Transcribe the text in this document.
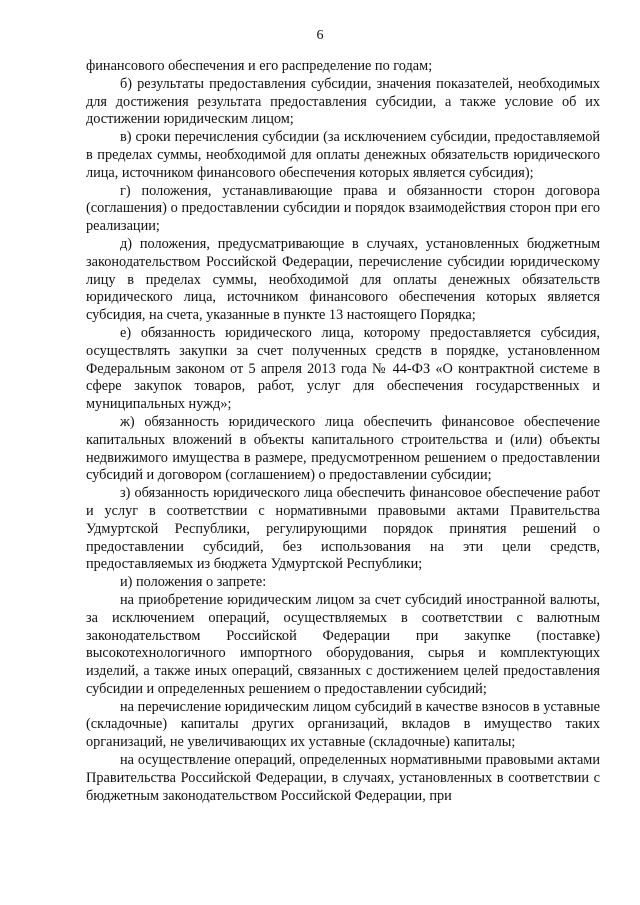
6

финансового обеспечения и его распределение по годам;

б) результаты предоставления субсидии, значения показателей, необходимых для достижения результата предоставления субсидии, а также условие об их достижении юридическим лицом;

в) сроки перечисления субсидии (за исключением субсидии, предоставляемой в пределах суммы, необходимой для оплаты денежных обязательств юридического лица, источником финансового обеспечения которых является субсидия);

г) положения, устанавливающие права и обязанности сторон договора (соглашения) о предоставлении субсидии и порядок взаимодействия сторон при его реализации;

д) положения, предусматривающие в случаях, установленных бюджетным законодательством Российской Федерации, перечисление субсидии юридическому лицу в пределах суммы, необходимой для оплаты денежных обязательств юридического лица, источником финансового обеспечения которых является субсидия, на счета, указанные в пункте 13 настоящего Порядка;

е) обязанность юридического лица, которому предоставляется субсидия, осуществлять закупки за счет полученных средств в порядке, установленном Федеральным законом от 5 апреля 2013 года № 44-ФЗ «О контрактной системе в сфере закупок товаров, работ, услуг для обеспечения государственных и муниципальных нужд»;

ж) обязанность юридического лица обеспечить финансовое обеспечение капитальных вложений в объекты капитального строительства и (или) объекты недвижимого имущества в размере, предусмотренном решением о предоставлении субсидий и договором (соглашением) о предоставлении субсидии;

з) обязанность юридического лица обеспечить финансовое обеспечение работ и услуг в соответствии с нормативными правовыми актами Правительства Удмуртской Республики, регулирующими порядок принятия решений о предоставлении субсидий, без использования на эти цели средств, предоставляемых из бюджета Удмуртской Республики;

и) положения о запрете:

на приобретение юридическим лицом за счет субсидий иностранной валюты, за исключением операций, осуществляемых в соответствии с валютным законодательством Российской Федерации при закупке (поставке) высокотехнологичного импортного оборудования, сырья и комплектующих изделий, а также иных операций, связанных с достижением целей предоставления субсидии и определенных решением о предоставлении субсидий;

на перечисление юридическим лицом субсидий в качестве взносов в уставные (складочные) капиталы других организаций, вкладов в имущество таких организаций, не увеличивающих их уставные (складочные) капиталы;

на осуществление операций, определенных нормативными правовыми актами Правительства Российской Федерации, в случаях, установленных в соответствии с бюджетным законодательством Российской Федерации, при
